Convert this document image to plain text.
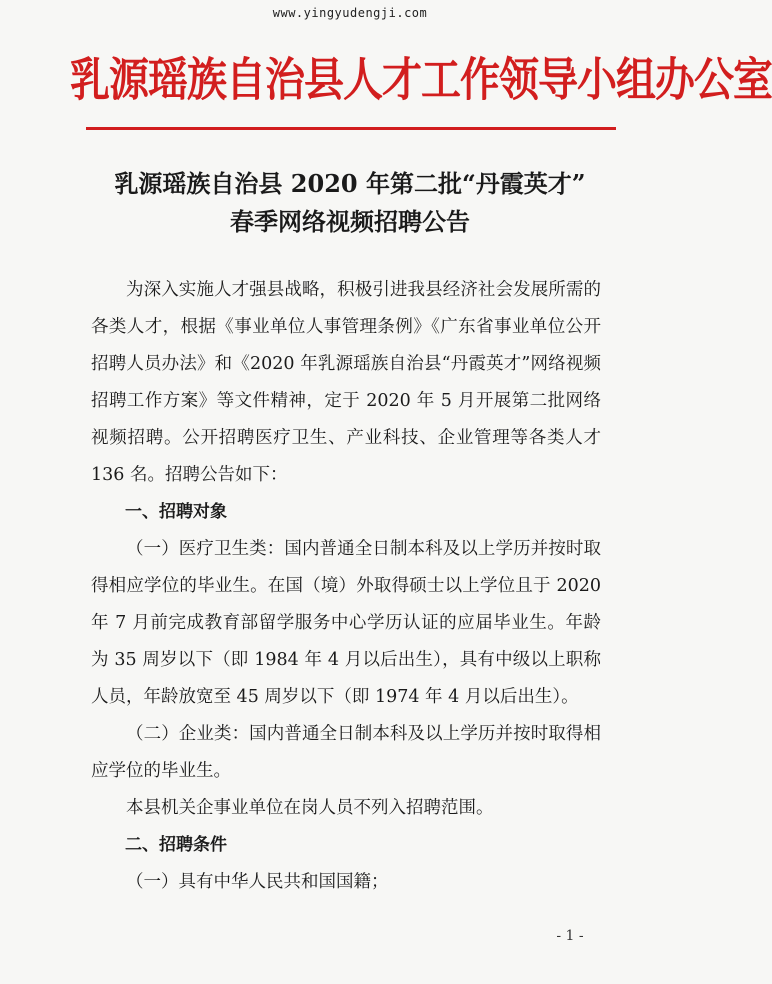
www.yingyudengji.com
乳源瑶族自治县人才工作领导小组办公室
乳源瑶族自治县 2020 年第二批“丹霞英才”
春季网络视频招聘公告

为深入实施人才强县战略，积极引进我县经济社会发展所需的各类人才，根据《事业单位人事管理条例》《广东省事业单位公开招聘人员办法》和《2020 年乳源瑶族自治县“丹霞英才”网络视频招聘工作方案》等文件精神，定于 2020 年 5 月开展第二批网络视频招聘。公开招聘医疗卫生、产业科技、企业管理等各类人才 136 名。招聘公告如下：

一、招聘对象

（一）医疗卫生类：国内普通全日制本科及以上学历并按时取得相应学位的毕业生。在国（境）外取得硕士以上学位且于 2020 年 7 月前完成教育部留学服务中心学历认证的应届毕业生。年龄为 35 周岁以下（即 1984 年 4 月以后出生），具有中级以上职称人员，年龄放宽至 45 周岁以下（即 1974 年 4 月以后出生）。

（二）企业类：国内普通全日制本科及以上学历并按时取得相应学位的毕业生。

本县机关企事业单位在岗人员不列入招聘范围。

二、招聘条件

（一）具有中华人民共和国国籍；

- 1 -
